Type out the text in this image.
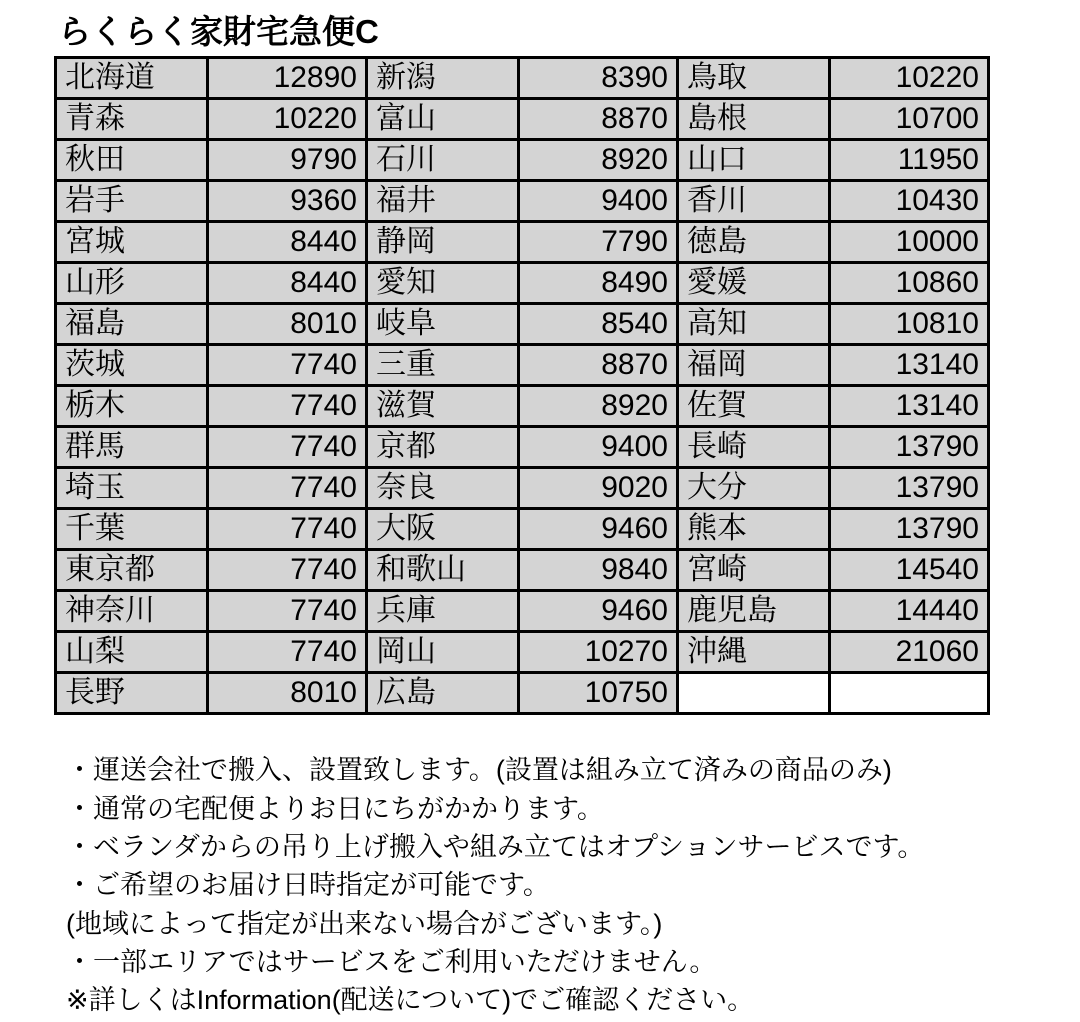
らくらく家財宅急便C
北海道	12890	新潟	8390	鳥取	10220
青森	10220	富山	8870	島根	10700
秋田	9790	石川	8920	山口	11950
岩手	9360	福井	9400	香川	10430
宮城	8440	静岡	7790	徳島	10000
山形	8440	愛知	8490	愛媛	10860
福島	8010	岐阜	8540	高知	10810
茨城	7740	三重	8870	福岡	13140
栃木	7740	滋賀	8920	佐賀	13140
群馬	7740	京都	9400	長崎	13790
埼玉	7740	奈良	9020	大分	13790
千葉	7740	大阪	9460	熊本	13790
東京都	7740	和歌山	9840	宮崎	14540
神奈川	7740	兵庫	9460	鹿児島	14440
山梨	7740	岡山	10270	沖縄	21060
長野	8010	広島	10750		
・運送会社で搬入、設置致します。(設置は組み立て済みの商品のみ)
・通常の宅配便よりお日にちがかかります。
・ベランダからの吊り上げ搬入や組み立てはオプションサービスです。
・ご希望のお届け日時指定が可能です。
(地域によって指定が出来ない場合がございます。)
・一部エリアではサービスをご利用いただけません。
※詳しくはInformation(配送について)でご確認ください。
